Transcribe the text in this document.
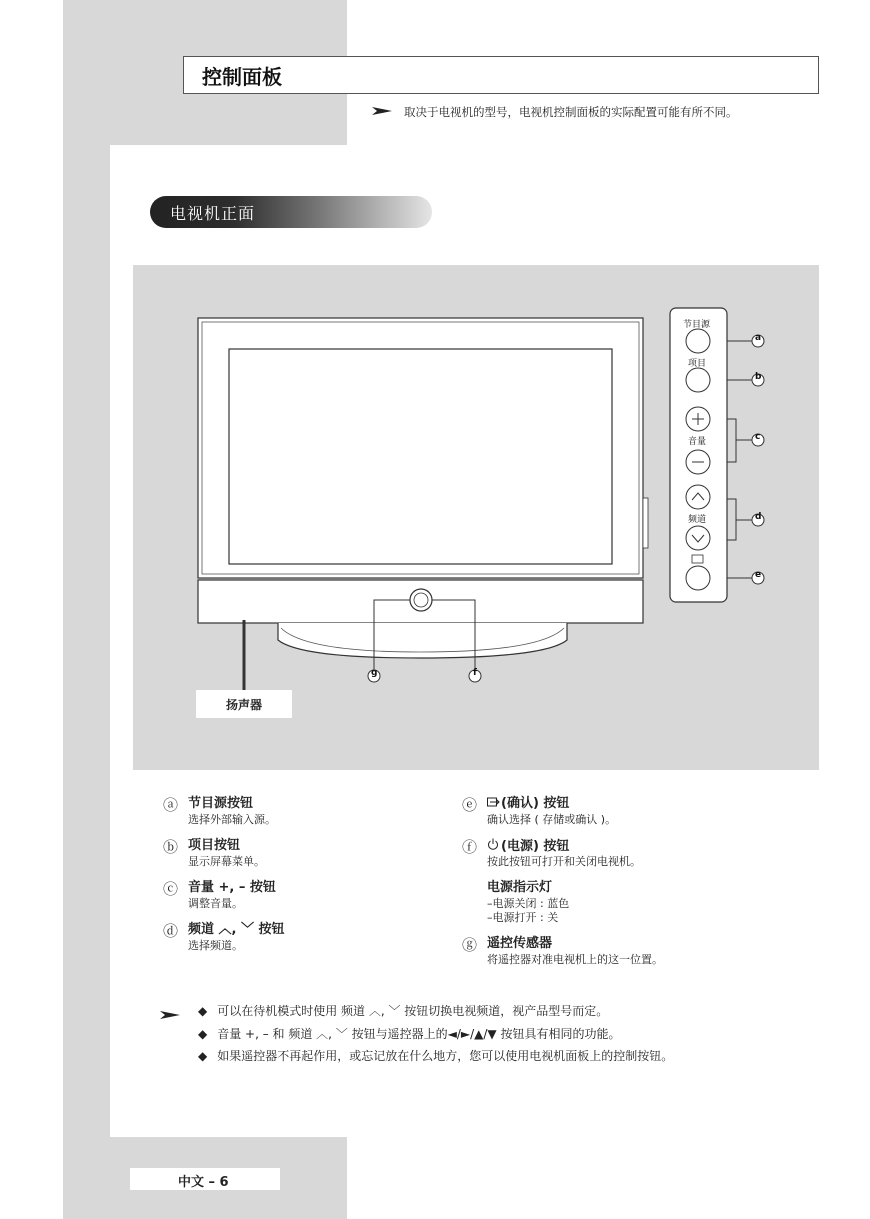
控制面板
取决于电视机的型号，电视机控制面板的实际配置可能有所不同。
电视机正面
节目源
项目
音量
频道
a
b
c
d
e
f
g
扬声器
ⓐ 节目源按钮
选择外部输入源。
ⓑ 项目按钮
显示屏幕菜单。
ⓒ 音量 +, – 按钮
调整音量。
ⓓ 频道 ︿, ﹀ 按钮
选择频道。
ⓔ	(确认) 按钮
确认选择 ( 存储或确认 )。
ⓕ	(电源) 按钮
按此按钮可打开和关闭电视机。
电源指示灯
–电源关闭 : 蓝色
–电源打开 : 关
ⓖ 遥控传感器
将遥控器对准电视机上的这一位置。
◆ 可以在待机模式时使用 频道 ︿, ﹀ 按钮切换电视频道，视产品型号而定。
◆ 音量 +, – 和 频道 ︿, ﹀ 按钮与遥控器上的◄/►/▲/▼ 按钮具有相同的功能。
◆ 如果遥控器不再起作用，或忘记放在什么地方，您可以使用电视机面板上的控制按钮。
中文 – 6
